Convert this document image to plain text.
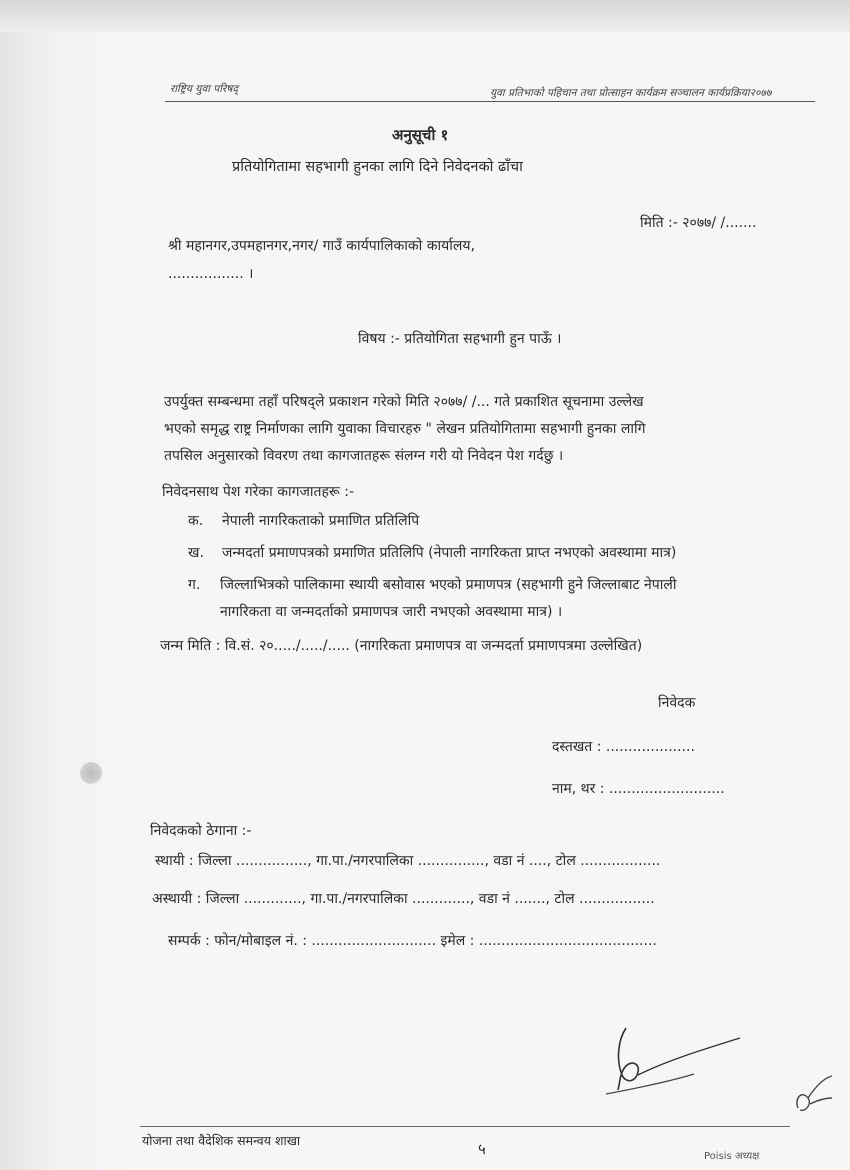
राष्ट्रिय युवा परिषद्	युवा प्रतिभाको पहिचान तथा प्रोत्साहन कार्यक्रम सञ्चालन कार्यप्रक्रिया२०७७
अनुसूची १
प्रतियोगितामा सहभागी हुनका लागि दिने निवेदनको ढाँचा
मिति :- २०७७/ /.......
श्री महानगर,उपमहानगर,नगर/ गाउँ कार्यपालिकाको कार्यालय,
................. ।
विषय :- प्रतियोगिता सहभागी हुन पाऊँ ।
उपर्युक्त सम्बन्धमा तहाँ परिषद्ले प्रकाशन गरेको मिति २०७७/ /... गते प्रकाशित सूचनामा उल्लेख
भएको समृद्ध राष्ट्र निर्माणका लागि युवाका विचारहरु " लेखन प्रतियोगितामा सहभागी हुनका लागि
तपसिल अनुसारको विवरण तथा कागजातहरू संलग्न गरी यो निवेदन पेश गर्दछु ।
निवेदनसाथ पेश गरेका कागजातहरू :-
क. नेपाली नागरिकताको प्रमाणित प्रतिलिपि
ख. जन्मदर्ता प्रमाणपत्रको प्रमाणित प्रतिलिपि (नेपाली नागरिकता प्राप्त नभएको अवस्थामा मात्र)
ग. जिल्लाभित्रको पालिकामा स्थायी बसोवास भएको प्रमाणपत्र (सहभागी हुने जिल्लाबाट नेपाली
नागरिकता वा जन्मदर्ताको प्रमाणपत्र जारी नभएको अवस्थामा मात्र) ।
जन्म मिति : वि.सं. २०...../...../..... (नागरिकता प्रमाणपत्र वा जन्मदर्ता प्रमाणपत्रमा उल्लेखित)
निवेदक
दस्तखत : ....................
नाम, थर : ..........................
निवेदकको ठेगाना :-
स्थायी : जिल्ला ................, गा.पा./नगरपालिका ..............., वडा नं ...., टोल ..................
अस्थायी : जिल्ला ............., गा.पा./नगरपालिका ............., वडा नं ......., टोल .................
सम्पर्क : फोन/मोबाइल नं. : ............................ इमेल : ........................................
योजना तथा वैदेशिक समन्वय शाखा	५	Poisis अध्यक्ष
